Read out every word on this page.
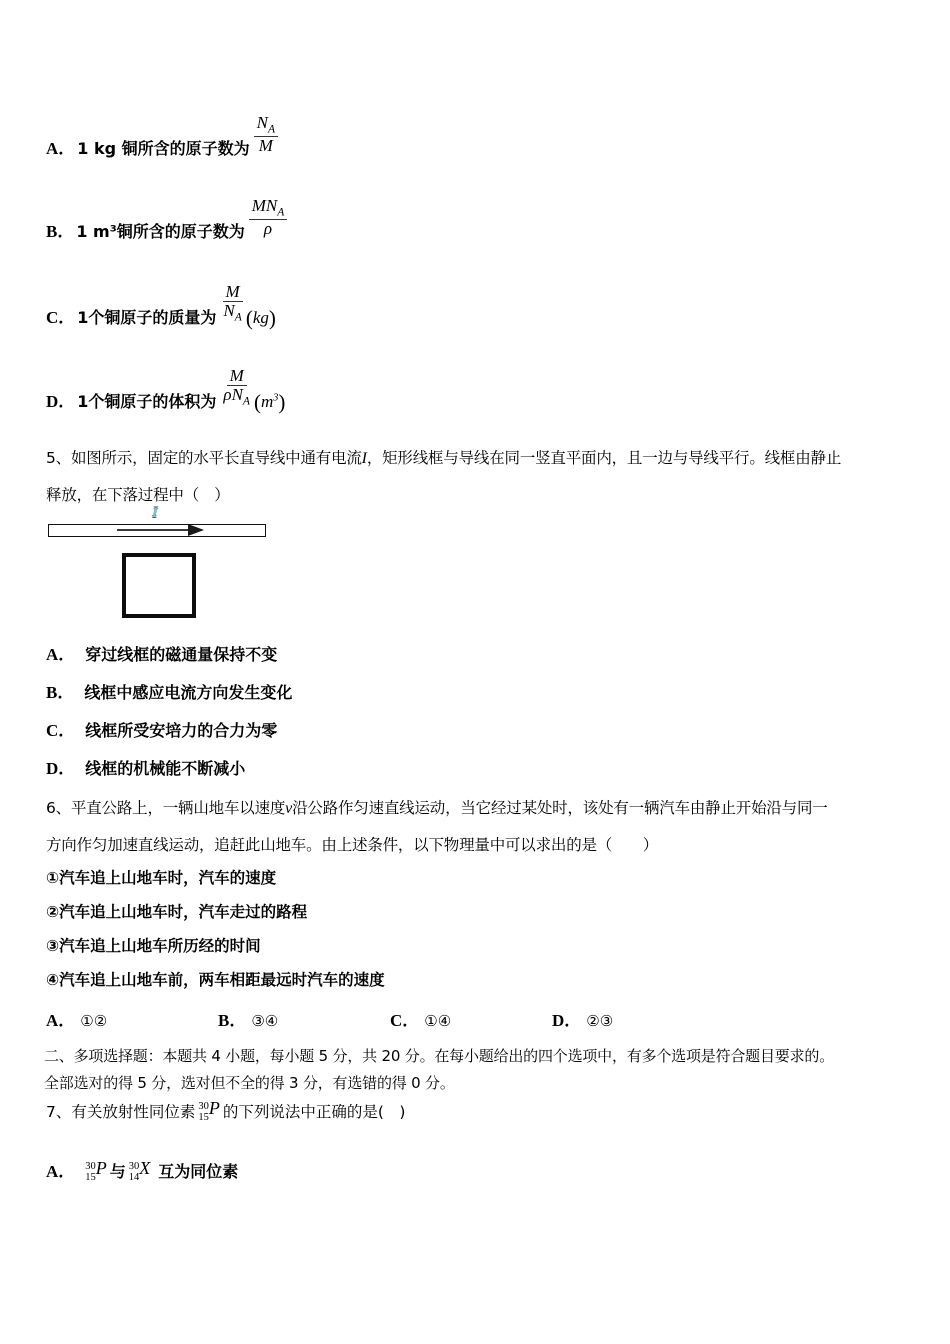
A． 1 kg 铜所含的原子数为 $\frac{N_A}{M}$
B． 1 m³铜所含的原子数为 $\frac{MN_A}{\rho}$
C． 1个铜原子的质量为 $\frac{M}{N_A} (kg)$
D． 1个铜原子的体积为 $\frac{M}{\rho N_A} (m^3)$
5、如图所示，固定的水平长直导线中通有电流I，矩形线框与导线在同一竖直平面内，且一边与导线平行。线框由静止
释放，在下落过程中（　）
I
A． 穿过线框的磁通量保持不变
B． 线框中感应电流方向发生变化
C． 线框所受安培力的合力为零
D． 线框的机械能不断减小
6、平直公路上，一辆山地车以速度v沿公路作匀速直线运动，当它经过某处时，该处有一辆汽车由静止开始沿与同一
方向作匀加速直线运动，追赶此山地车。由上述条件，以下物理量中可以求出的是（　　）
①汽车追上山地车时，汽车的速度
②汽车追上山地车时，汽车走过的路程
③汽车追上山地车所历经的时间
④汽车追上山地车前，两车相距最远时汽车的速度
A． ①②	B． ③④	C． ①④	D． ②③
二、多项选择题：本题共 4 小题，每小题 5 分，共 20 分。在每小题给出的四个选项中，有多个选项是符合题目要求的。
全部选对的得 5 分，选对但不全的得 3 分，有选错的得 0 分。
7、有关放射性同位素 30
15 P 的下列说法中正确的是(　)
A． 30
15 P 与 30
14 X 互为同位素
